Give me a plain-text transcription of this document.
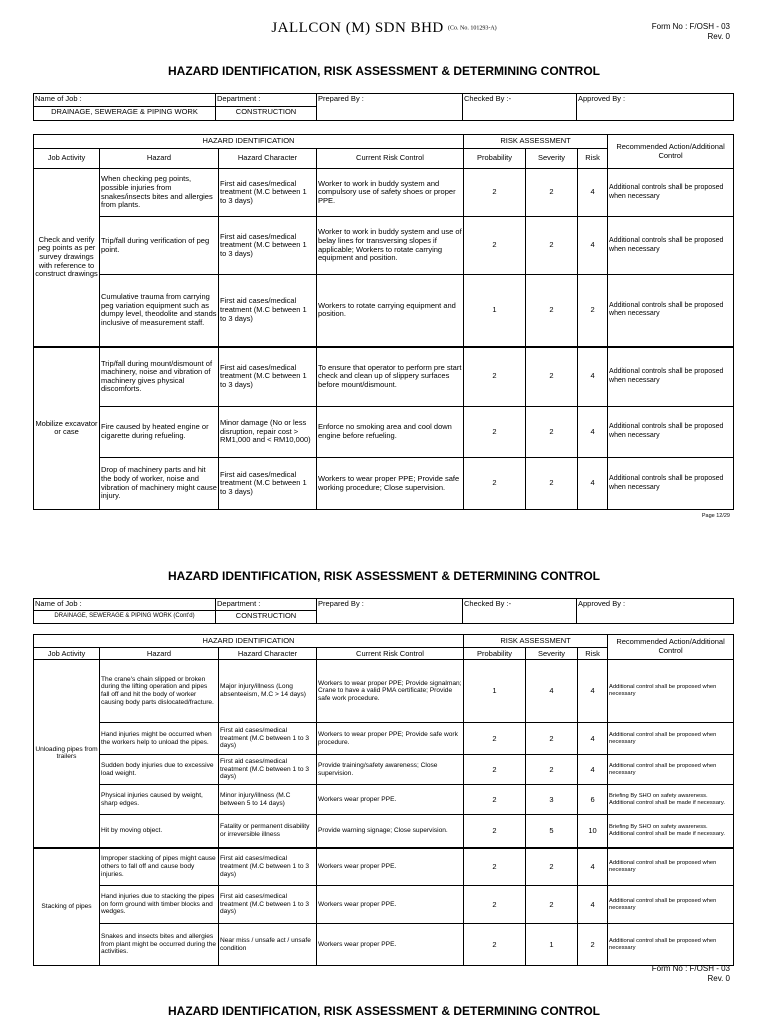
JALLCON (M) SDN BHD (Co. No. 101293-A)	Form No : F/OSH - 03
Rev. 0
HAZARD IDENTIFICATION, RISK ASSESSMENT & DETERMINING CONTROL
Name of Job :	Department :	Prepared By :	Checked By :-	Approved By :
DRAINAGE, SEWERAGE & PIPING WORK	CONSTRUCTION			
HAZARD IDENTIFICATION				RISK ASSESSMENT			Recommended Action/Additional Control
Job Activity	Hazard	Hazard Character	Current Risk Control	Probability	Severity	Risk	
Check and verify peg points as per survey drawings with reference to construct drawings	When checking peg points, possible injuries from snakes/insects bites and allergies from plants.	First aid cases/medical treatment (M.C between 1 to 3 days)	Worker to work in buddy system and compulsory use of safety shoes or proper PPE.	2	2	4	Additional controls shall be proposed when necessary
	Trip/fall during verification of peg point.	First aid cases/medical treatment (M.C between 1 to 3 days)	Worker to work in buddy system and use of belay lines for transversing slopes if applicable; Workers to rotate carrying equipment and position.	2	2	4	Additional controls shall be proposed when necessary
	Cumulative trauma from carrying peg variation equipment such as dumpy level, theodolite and stands inclusive of measurement staff.	First aid cases/medical treatment (M.C between 1 to 3 days)	Workers to rotate carrying equipment and position.	1	2	2	Additional controls shall be proposed when necessary
Mobilize excavator or case	Trip/fall during mount/dismount of machinery, noise and vibration of machinery gives physical discomforts.	First aid cases/medical treatment (M.C between 1 to 3 days)	To ensure that operator to perform pre start check and clean up of slippery surfaces before mount/dismount.	2	2	4	Additional controls shall be proposed when necessary
	Fire caused by heated engine or cigarette during refueling.	Minor damage (No or less disruption, repair cost > RM1,000 and < RM10,000)	Enforce no smoking area and cool down engine before refueling.	2	2	4	Additional controls shall be proposed when necessary
	Drop of machinery parts and hit the body of worker, noise and vibration of machinery might cause injury.	First aid cases/medical treatment (M.C between 1 to 3 days)	Workers to wear proper PPE; Provide safe working procedure; Close supervision.	2	2	4	Additional controls shall be proposed when necessary
Page 12/29
HAZARD IDENTIFICATION, RISK ASSESSMENT & DETERMINING CONTROL
Name of Job :	Department :	Prepared By :	Checked By :-	Approved By :
DRAINAGE, SEWERAGE & PIPING WORK (Cont'd)	CONSTRUCTION			
HAZARD IDENTIFICATION				RISK ASSESSMENT			Recommended Action/Additional Control
Job Activity	Hazard	Hazard Character	Current Risk Control	Probability	Severity	Risk	
Unloading pipes from trailers	The crane's chain slipped or broken during the lifting operation and pipes fall off and hit the body of worker causing body parts dislocated/fracture.	Major injury/illness (Long absenteeism, M.C > 14 days)	Workers to wear proper PPE; Provide signalman; Crane to have a valid PMA certificate; Provide safe work procedure.	1	4	4	Additional control shall be proposed when necessary
	Hand injuries might be occurred when the workers help to unload the pipes.	First aid cases/medical treatment (M.C between 1 to 3 days)	Workers to wear proper PPE; Provide safe work procedure.	2	2	4	Additional control shall be proposed when necessary
	Sudden body injuries due to excessive load weight.	First aid cases/medical treatment (M.C between 1 to 3 days)	Provide training/safety awareness; Close supervision.	2	2	4	Additional control shall be proposed when necessary
	Physical injuries caused by weight, sharp edges.	Minor injury/illness (M.C between 5 to 14 days)	Workers wear proper PPE.	2	3	6	Briefing By SHO on safety awareness. Additional control shall be made if necessary.
	Hit by moving object.	Fatality or permanent disability or irreversible illness	Provide warning signage; Close supervision.	2	5	10	Briefing By SHO on safety awareness. Additional control shall be made if necessary.
Stacking of pipes	Improper stacking of pipes might cause others to fall off and cause body injuries.	First aid cases/medical treatment (M.C between 1 to 3 days)	Workers wear proper PPE.	2	2	4	Additional control shall be proposed when necessary
	Hand injuries due to stacking the pipes on form ground with timber blocks and wedges.	First aid cases/medical treatment (M.C between 1 to 3 days)	Workers wear proper PPE.	2	2	4	Additional control shall be proposed when necessary
	Snakes and insects bites and allergies from plant might be occurred during the activities.	Near miss / unsafe act / unsafe condition	Workers wear proper PPE.	2	1	2	Additional control shall be proposed when necessary
Form No : F/OSH - 03
Rev. 0
HAZARD IDENTIFICATION, RISK ASSESSMENT & DETERMINING CONTROL
